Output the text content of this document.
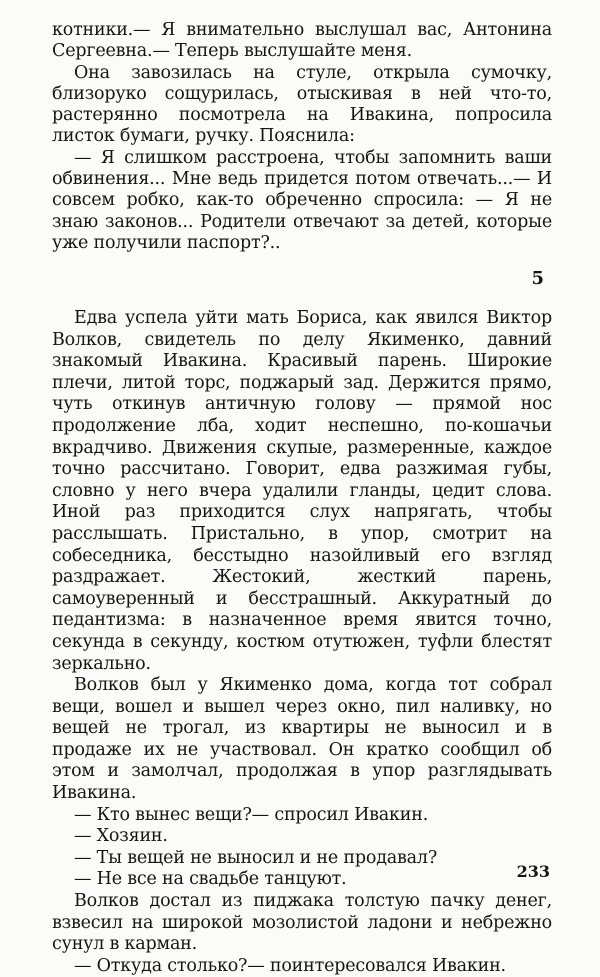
котники.— Я внимательно выслушал вас, Антонина Сергеевна.— Теперь выслушайте меня.

Она завозилась на стуле, открыла сумочку, близоруко сощурилась, отыскивая в ней что-то, растерянно посмотрела на Ивакина, попросила листок бумаги, ручку. Пояснила:

— Я слишком расстроена, чтобы запомнить ваши обвинения... Мне ведь придется потом отвечать...— И совсем робко, как-то обреченно спросила: — Я не знаю законов... Родители отвечают за детей, которые уже получили паспорт?..

5

Едва успела уйти мать Бориса, как явился Виктор Волков, свидетель по делу Якименко, давний знакомый Ивакина. Красивый парень. Широкие плечи, литой торс, поджарый зад. Держится прямо, чуть откинув античную голову — прямой нос продолжение лба, ходит неспешно, по-кошачьи вкрадчиво. Движения скупые, размеренные, каждое точно рассчитано. Говорит, едва разжимая губы, словно у него вчера удалили гланды, цедит слова. Иной раз приходится слух напрягать, чтобы расслышать. Пристально, в упор, смотрит на собеседника, бесстыдно назойливый его взгляд раздражает. Жестокий, жесткий парень, самоуверенный и бесстрашный. Аккуратный до педантизма: в назначенное время явится точно, секунда в секунду, костюм отутюжен, туфли блестят зеркально.

Волков был у Якименко дома, когда тот собрал вещи, вошел и вышел через окно, пил наливку, но вещей не трогал, из квартиры не выносил и в продаже их не участвовал. Он кратко сообщил об этом и замолчал, продолжая в упор разглядывать Ивакина.

— Кто вынес вещи?— спросил Ивакин.

— Хозяин.

— Ты вещей не выносил и не продавал?

— Не все на свадьбе танцуют.

Волков достал из пиджака толстую пачку денег, взвесил на широкой мозолистой ладони и небрежно сунул в карман.

— Откуда столько?— поинтересовался Ивакин.

233
